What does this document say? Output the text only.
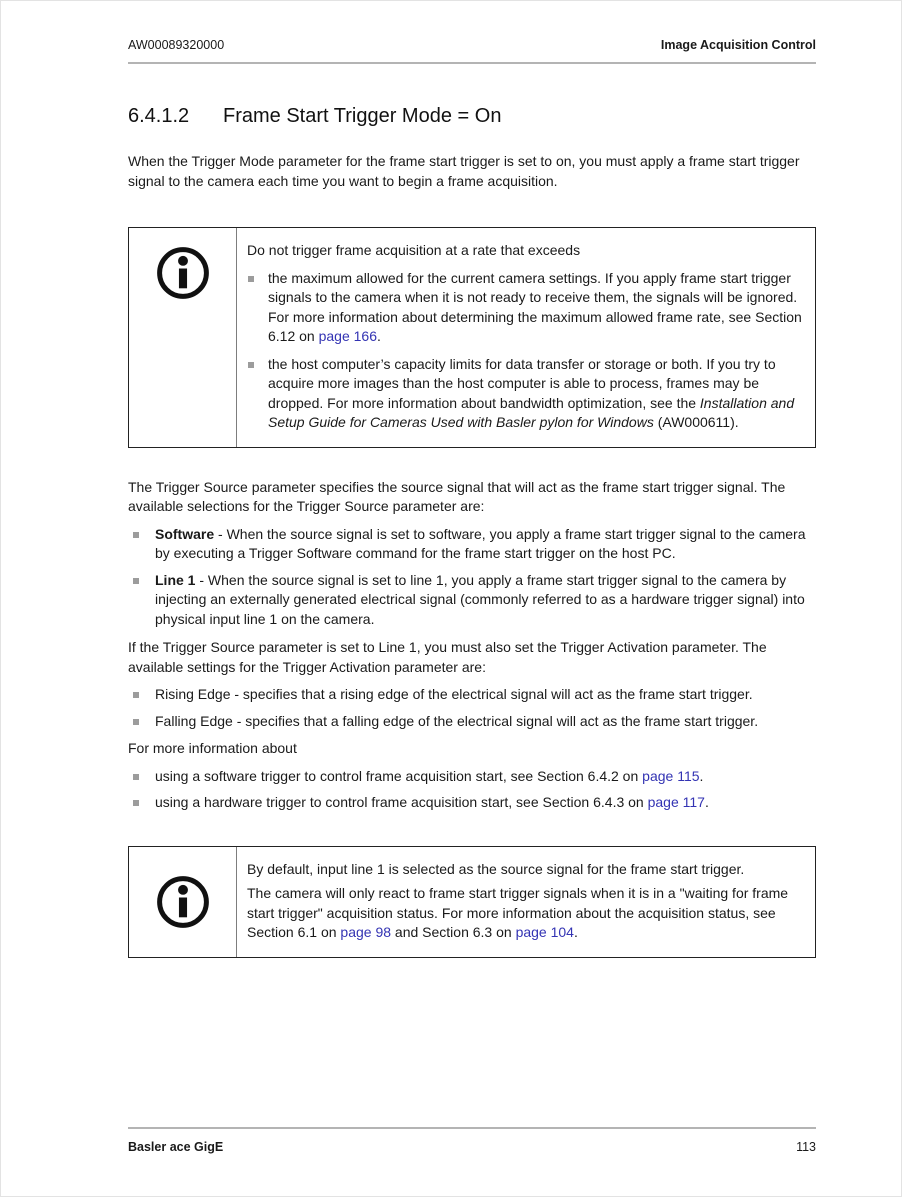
AW00089320000	Image Acquisition Control
6.4.1.2	Frame Start Trigger Mode = On

When the Trigger Mode parameter for the frame start trigger is set to on, you must apply a frame start trigger signal to the camera each time you want to begin a frame acquisition.

Do not trigger frame acquisition at a rate that exceeds

the maximum allowed for the current camera settings. If you apply frame start trigger signals to the camera when it is not ready to receive them, the signals will be ignored.

For more information about determining the maximum allowed frame rate, see Section 6.12 on page 166.

the host computer’s capacity limits for data transfer or storage or both. If you try to acquire more images than the host computer is able to process, frames may be dropped. For more information about bandwidth optimization, see the Installation and Setup Guide for Cameras Used with Basler pylon for Windows (AW000611).

The Trigger Source parameter specifies the source signal that will act as the frame start trigger signal. The available selections for the Trigger Source parameter are:

Software - When the source signal is set to software, you apply a frame start trigger signal to the camera by executing a Trigger Software command for the frame start trigger on the host PC.

Line 1 - When the source signal is set to line 1, you apply a frame start trigger signal to the camera by injecting an externally generated electrical signal (commonly referred to as a hardware trigger signal) into physical input line 1 on the camera.

If the Trigger Source parameter is set to Line 1, you must also set the Trigger Activation parameter. The available settings for the Trigger Activation parameter are:

Rising Edge - specifies that a rising edge of the electrical signal will act as the frame start trigger.

Falling Edge - specifies that a falling edge of the electrical signal will act as the frame start trigger.

For more information about

using a software trigger to control frame acquisition start, see Section 6.4.2 on page 115.

using a hardware trigger to control frame acquisition start, see Section 6.4.3 on page 117.

By default, input line 1 is selected as the source signal for the frame start trigger.

The camera will only react to frame start trigger signals when it is in a "waiting for frame start trigger" acquisition status. For more information about the acquisition status, see Section 6.1 on page 98 and Section 6.3 on page 104.

Basler ace GigE	113
